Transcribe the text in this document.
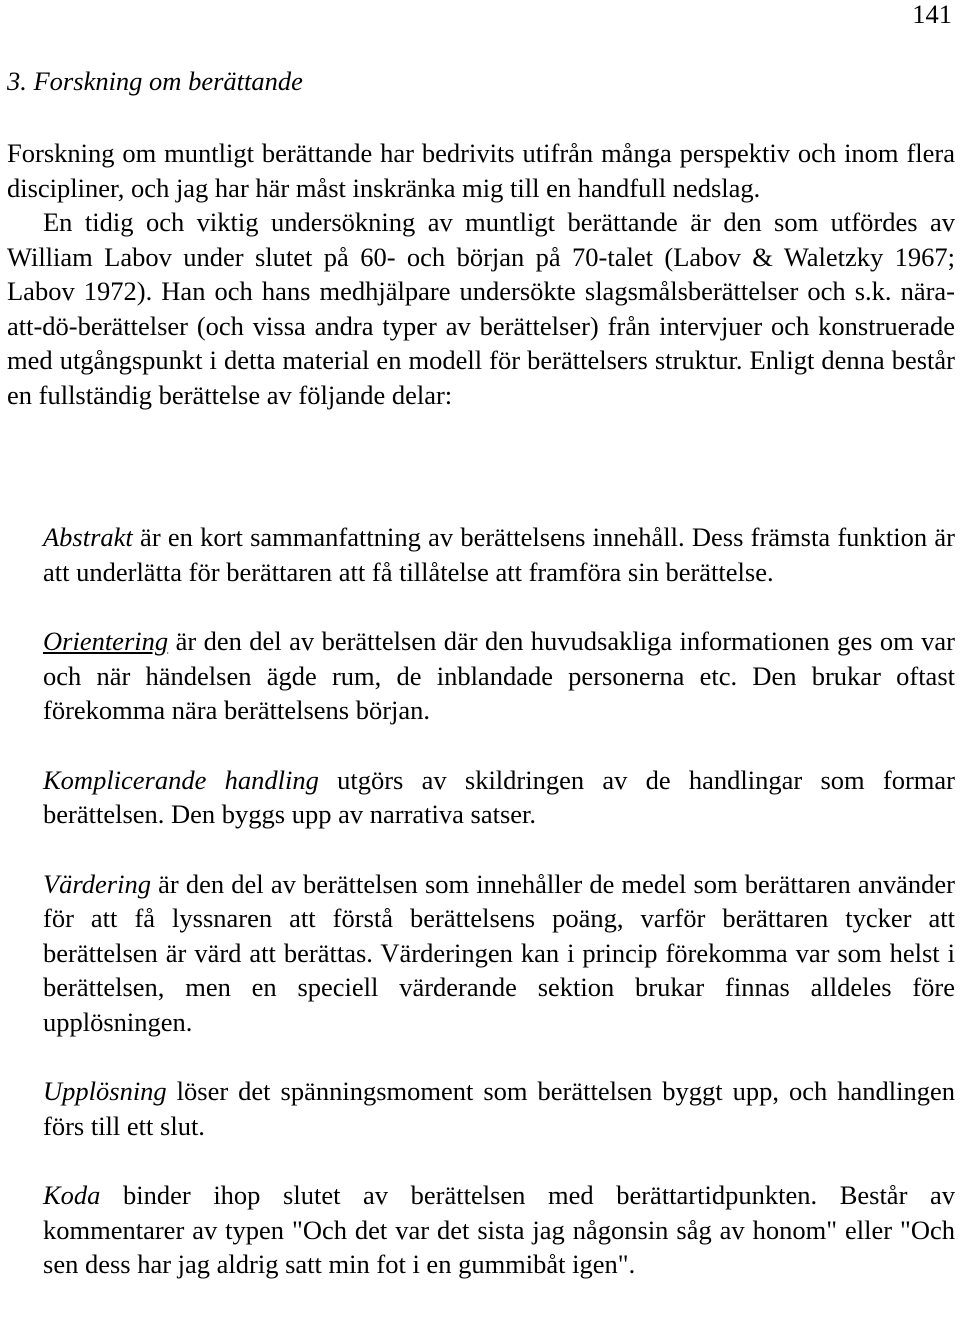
141
3. Forskning om berättande

Forskning om muntligt berättande har bedrivits utifrån många perspektiv och inom flera discipliner, och jag har här måst inskränka mig till en handfull nedslag.

En tidig och viktig undersökning av muntligt berättande är den som utfördes av William Labov under slutet på 60- och början på 70-talet (Labov & Waletzky 1967; Labov 1972). Han och hans medhjälpare undersökte slagsmålsberättelser och s.k. nära-att-dö-berättelser (och vissa andra typer av berättelser) från intervjuer och konstruerade med utgångspunkt i detta material en modell för berättelsers struktur. Enligt denna består en fullständig berättelse av följande delar:

Abstrakt är en kort sammanfattning av berättelsens innehåll. Dess främsta funktion är att underlätta för berättaren att få tillåtelse att framföra sin berättelse.

Orientering är den del av berättelsen där den huvudsakliga informationen ges om var och när händelsen ägde rum, de inblandade personerna etc. Den brukar oftast förekomma nära berättelsens början.

Komplicerande handling utgörs av skildringen av de handlingar som formar berättelsen. Den byggs upp av narrativa satser.

Värdering är den del av berättelsen som innehåller de medel som berättaren använder för att få lyssnaren att förstå berättelsens poäng, varför berättaren tycker att berättelsen är värd att berättas. Värderingen kan i princip förekomma var som helst i berättelsen, men en speciell värderande sektion brukar finnas alldeles före upplösningen.

Upplösning löser det spänningsmoment som berättelsen byggt upp, och handlingen förs till ett slut.

Koda binder ihop slutet av berättelsen med berättartidpunkten. Består av kommentarer av typen "Och det var det sista jag någonsin såg av honom" eller "Och sen dess har jag aldrig satt min fot i en gummibåt igen".
